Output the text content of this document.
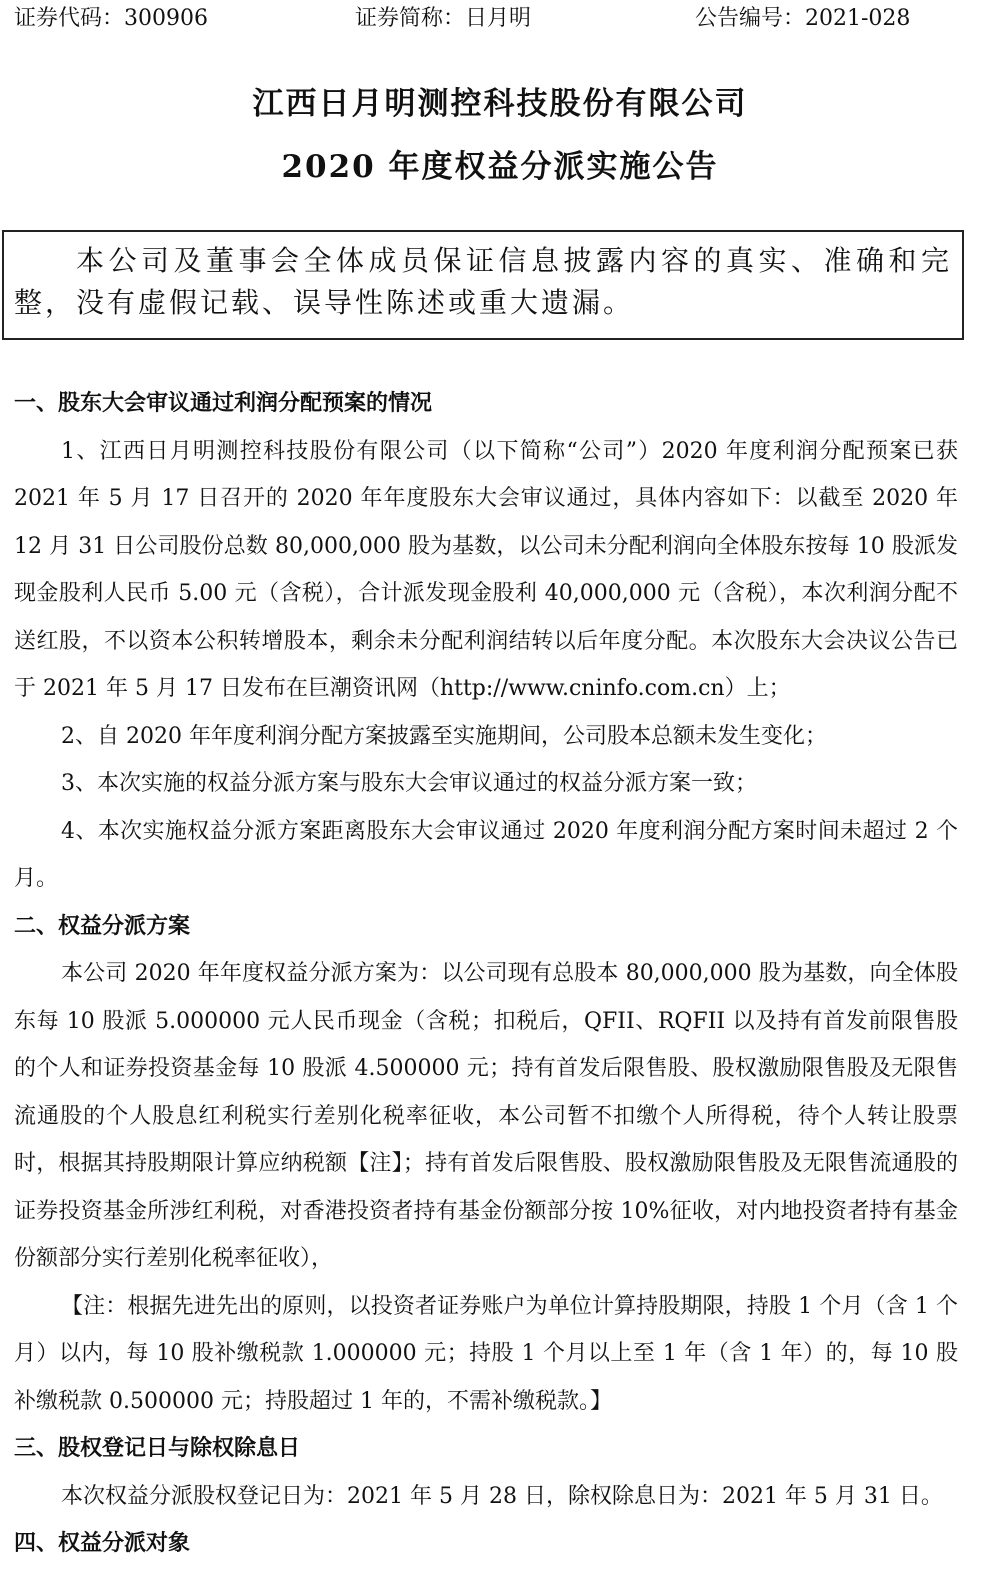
证券代码：300906	证券简称：日月明	公告编号：2021-028
江西日月明测控科技股份有限公司
2020 年度权益分派实施公告

本公司及董事会全体成员保证信息披露内容的真实、准确和完整，没有虚假记载、误导性陈述或重大遗漏。

一、股东大会审议通过利润分配预案的情况

1、江西日月明测控科技股份有限公司（以下简称“公司”）2020 年度利润分配预案已获 2021 年 5 月 17 日召开的 2020 年年度股东大会审议通过，具体内容如下：以截至 2020 年 12 月 31 日公司股份总数 80,000,000 股为基数，以公司未分配利润向全体股东按每 10 股派发现金股利人民币 5.00 元（含税），合计派发现金股利 40,000,000 元（含税），本次利润分配不送红股，不以资本公积转增股本，剩余未分配利润结转以后年度分配。本次股东大会决议公告已于 2021 年 5 月 17 日发布在巨潮资讯网（http://www.cninfo.com.cn）上；

2、自 2020 年年度利润分配方案披露至实施期间，公司股本总额未发生变化；

3、本次实施的权益分派方案与股东大会审议通过的权益分派方案一致；

4、本次实施权益分派方案距离股东大会审议通过 2020 年度利润分配方案时间未超过 2 个月。

二、权益分派方案

本公司 2020 年年度权益分派方案为：以公司现有总股本 80,000,000 股为基数，向全体股东每 10 股派 5.000000 元人民币现金（含税；扣税后，QFII、RQFII 以及持有首发前限售股的个人和证券投资基金每 10 股派 4.500000 元；持有首发后限售股、股权激励限售股及无限售流通股的个人股息红利税实行差别化税率征收，本公司暂不扣缴个人所得税，待个人转让股票时，根据其持股期限计算应纳税额【注】；持有首发后限售股、股权激励限售股及无限售流通股的证券投资基金所涉红利税，对香港投资者持有基金份额部分按 10%征收，对内地投资者持有基金份额部分实行差别化税率征收），

【注：根据先进先出的原则，以投资者证券账户为单位计算持股期限，持股 1 个月（含 1 个月）以内，每 10 股补缴税款 1.000000 元；持股 1 个月以上至 1 年（含 1 年）的，每 10 股补缴税款 0.500000 元；持股超过 1 年的，不需补缴税款。】

三、股权登记日与除权除息日

本次权益分派股权登记日为：2021 年 5 月 28 日，除权除息日为：2021 年 5 月 31 日。

四、权益分派对象
